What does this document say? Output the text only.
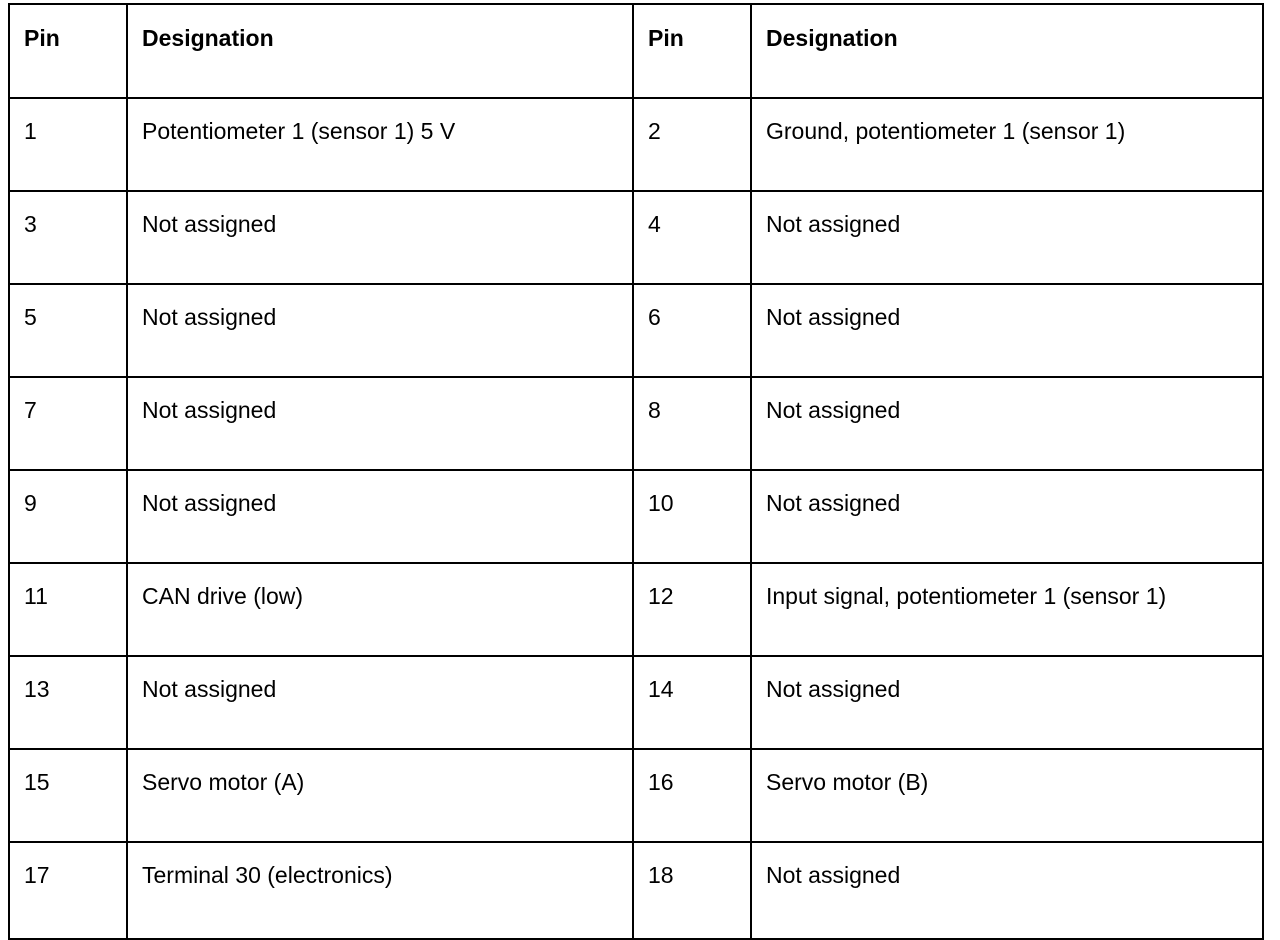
Pin	Designation	Pin	Designation
1	Potentiometer 1 (sensor 1) 5 V	2	Ground, potentiometer 1 (sensor 1)
3	Not assigned	4	Not assigned
5	Not assigned	6	Not assigned
7	Not assigned	8	Not assigned
9	Not assigned	10	Not assigned
11	CAN drive (low)	12	Input signal, potentiometer 1 (sensor 1)
13	Not assigned	14	Not assigned
15	Servo motor (A)	16	Servo motor (B)
17	Terminal 30 (electronics)	18	Not assigned
